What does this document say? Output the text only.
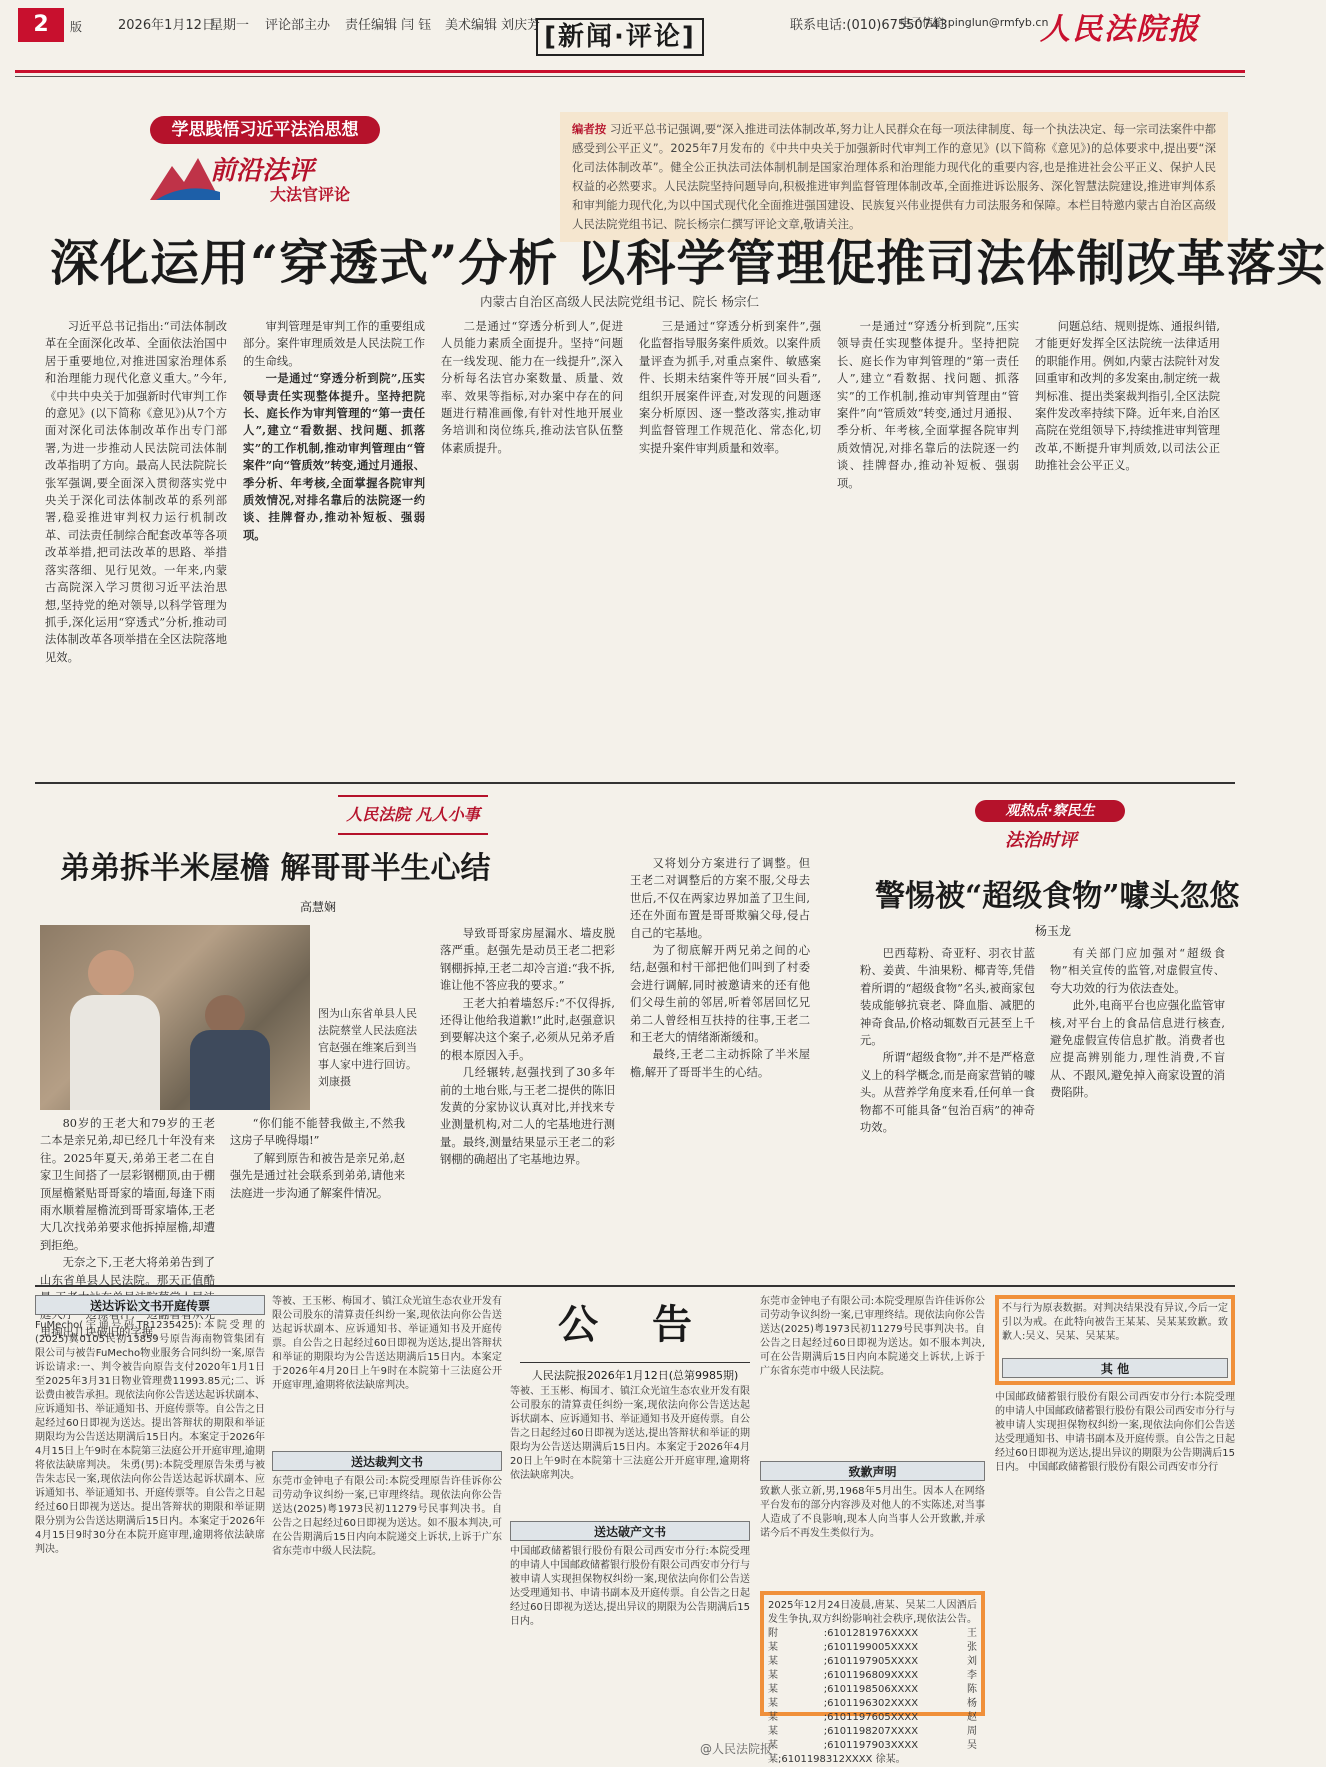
2	版	2026年1月12日
星期一 评论部主办 责任编辑 闫 钰 美术编辑 刘庆芳 [新闻·评论]	联系电话:(010)67550743
电子信箱:pinglun@rmfyb.cn
人民法院报
学思践悟习近平法治思想
前沿法评
大法官评论
编者按 习近平总书记强调,要“深入推进司法体制改革,努力让人民群众在每一项法律制度、每一个执法决定、每一宗司法案件中都感受到公平正义”。2025年7月发布的《中共中央关于加强新时代审判工作的意见》(以下简称《意见》)的总体要求中,提出要“深化司法体制改革”。健全公正执法司法体制机制是国家治理体系和治理能力现代化的重要内容,也是推进社会公平正义、保护人民权益的必然要求。人民法院坚持问题导向,积极推进审判监督管理体制改革,全面推进诉讼服务、深化智慧法院建设,推进审判体系和审判能力现代化,为以中国式现代化全面推进强国建设、民族复兴伟业提供有力司法服务和保障。本栏目特邀内蒙古自治区高级人民法院党组书记、院长杨宗仁撰写评论文章,敬请关注。
深化运用“穿透式”分析 以科学管理促推司法体制改革落实
内蒙古自治区高级人民法院党组书记、院长 杨宗仁

习近平总书记指出:“司法体制改革在全面深化改革、全面依法治国中居于重要地位,对推进国家治理体系和治理能力现代化意义重大。”今年,《中共中央关于加强新时代审判工作的意见》(以下简称《意见》)从7个方面对深化司法体制改革作出专门部署,为进一步推动人民法院司法体制改革指明了方向。最高人民法院院长张军强调,要全面深入贯彻落实党中央关于深化司法体制改革的系列部署,稳妥推进审判权力运行机制改革、司法责任制综合配套改革等各项改革举措,把司法改革的思路、举措落实落细、见行见效。一年来,内蒙古高院深入学习贯彻习近平法治思想,坚持党的绝对领导,以科学管理为抓手,深化运用“穿透式”分析,推动司法体制改革各项举措在全区法院落地见效。

审判管理是审判工作的重要组成部分。案件审理质效是人民法院工作的生命线。

一是通过“穿透分析到院”,压实领导责任实现整体提升。坚持把院长、庭长作为审判管理的“第一责任人”,建立“看数据、找问题、抓落实”的工作机制,推动审判管理由“管案件”向“管质效”转变,通过月通报、季分析、年考核,全面掌握各院审判质效情况,对排名靠后的法院逐一约谈、挂牌督办,推动补短板、强弱项。

二是通过“穿透分析到人”,促进人员能力素质全面提升。坚持“问题在一线发现、能力在一线提升”,深入分析每名法官办案数量、质量、效率、效果等指标,对办案中存在的问题进行精准画像,有针对性地开展业务培训和岗位练兵,推动法官队伍整体素质提升。

三是通过“穿透分析到案件”,强化监督指导服务案件质效。以案件质量评查为抓手,对重点案件、敏感案件、长期未结案件等开展“回头看”,组织开展案件评查,对发现的问题逐案分析原因、逐一整改落实,推动审判监督管理工作规范化、常态化,切实提升案件审判质量和效率。

一是通过“穿透分析到院”,压实领导责任实现整体提升。坚持把院长、庭长作为审判管理的“第一责任人”,建立“看数据、找问题、抓落实”的工作机制,推动审判管理由“管案件”向“管质效”转变,通过月通报、季分析、年考核,全面掌握各院审判质效情况,对排名靠后的法院逐一约谈、挂牌督办,推动补短板、强弱项。

问题总结、规则提炼、通报纠错,才能更好发挥全区法院统一法律适用的职能作用。例如,内蒙古法院针对发回重审和改判的多发案由,制定统一裁判标准、提出类案裁判指引,全区法院案件发改率持续下降。近年来,自治区高院在党组领导下,持续推进审判管理改革,不断提升审判质效,以司法公正助推社会公平正义。

人民法院 凡人小事
弟弟拆半米屋檐 解哥哥半生心结
高慧娴
图为山东省单县人民法院蔡堂人民法庭法官赵强在维案后到当事人家中进行回访。 刘康摄

80岁的王老大和79岁的王老二本是亲兄弟,却已经几十年没有来往。2025年夏天,弟弟王老二在自家卫生间搭了一层彩钢棚顶,由于棚顶屋檐紧贴哥哥家的墙面,每逢下雨雨水顺着屋檐流到哥哥家墙体,王老大几次找弟弟要求他拆掉屋檐,却遭到拒绝。

无奈之下,王老大将弟弟告到了山东省单县人民法院。那天正值酷 里掏出几块破旧的字据。

“你们能不能替我做主,不然我这房子早晚得塌!”

了解到原告和被告是亲兄弟,赵强先是通过社会联系到弟弟,请他来法庭进一步沟通了解案件情况。

导致哥哥家房屋漏水、墙皮脱落严重。赵强先是动员王老二把彩钢棚拆掉,王老二却冷言道:“我不拆,谁让他不答应我的要求。”

王老大拍着墙怒斥:“不仅得拆,还得让他给我道歉!”此时,赵强意识到要解决这个案子,必须从兄弟矛盾的根本原因入手。

几经辗转,赵强找到了30多年前的土地台账,与王老二提供的陈旧发黄的分家协议认真对比,并找来专业测量机构,对二人的宅基地进行测量。最终,测量结果显示王老二的彩钢棚的确超出了宅基地边界。

又将划分方案进行了调整。但王老二对调整后的方案不服,父母去世后,不仅在两家边界加盖了卫生间,还在外面布置是哥哥欺骗父母,侵占自己的宅基地。

为了彻底解开两兄弟之间的心结,赵强和村干部把他们叫到了村委会进行调解,同时被邀请来的还有他们父母生前的邻居,听着邻居回忆兄弟二人曾经相互扶持的往事,王老二和王老大的情绪渐渐缓和。

最终,王老二主动拆除了半米屋檐,解开了哥哥半生的心结。

观热点·察民生
法治时评
警惕被“超级食物”噱头忽悠
杨玉龙

巴西莓粉、奇亚籽、羽衣甘蓝粉、姜黄、牛油果粉、椰青等,凭借着所谓的“超级食物”名头,被商家包装成能够抗衰老、降血脂、减肥的神奇食品,价格动辄数百元甚至上千元。

所谓“超级食物”,并不是严格意义上的科学概念,而是商家营销的噱头。从营养学角度来看,任何单一食物都不可能具备“包治百病”的神奇功效。

有关部门应加强对“超级食物”相关宣传的监管,对虚假宣传、夸大功效的行为依法查处。

此外,电商平台也应强化监管审核,对平台上的食品信息进行核查,避免虚假宣传信息扩散。消费者也应提高辨别能力,理性消费,不盲从、不跟风,避免掉入商家设置的消费陷阱。

送达诉讼文书开庭传票
FuMecho(宇通号码TR1235425):本院受理的(2025)冀0105民初13859号原告海南物管集团有限公司与被告FuMecho物业服务合同纠纷一案,原告诉讼请求:一、判令被告向原告支付2020年1月1日至2025年3月31日物业管理费11993.85元;二、诉讼费由被告承担。现依法向你公告送达起诉状副本、应诉通知书、举证通知书、开庭传票等。自公告之日起经过60日即视为送达。提出答辩状的期限和举证期限均为公告送达期满后15日内。本案定于2026年4月15日上午9时在本院第三法庭公开开庭审理,逾期将依法缺席判决。 朱勇(男):本院受理原告朱勇与被告朱志民一案,现依法向你公告送达起诉状副本、应诉通知书、举证通知书、开庭传票等。自公告之日起经过60日即视为送达。提出答辩状的期限和举证期限分别为公告送达期满后15日内。本案定于2026年4月15日9时30分在本院开庭审理,逾期将依法缺席判决。
等被、王玉彬、梅国才、镇江众光谊生态农业开发有限公司股东的清算责任纠纷一案,现依法向你公告送达起诉状副本、应诉通知书、举证通知书及开庭传票。自公告之日起经过60日即视为送达,提出答辩状和举证的期限均为公告送达期满后15日内。本案定于2026年4月20日上午9时在本院第十三法庭公开开庭审理,逾期将依法缺席判决。
送达裁判文书
东莞市金钟电子有限公司:本院受理原告许佳诉你公司劳动争议纠纷一案,已审理终结。现依法向你公告送达(2025)粤1973民初11279号民事判决书。自公告之日起经过60日即视为送达。如不服本判决,可在公告期满后15日内向本院递交上诉状,上诉于广东省东莞市中级人民法院。
公 告
人民法院报2026年1月12日(总第9985期)
等被、王玉彬、梅国才、镇江众光谊生态农业开发有限公司股东的清算责任纠纷一案,现依法向你公告送达起诉状副本、应诉通知书、举证通知书及开庭传票。自公告之日起经过60日即视为送达,提出答辩状和举证的期限均为公告送达期满后15日内。本案定于2026年4月20日上午9时在本院第十三法庭公开开庭审理,逾期将依法缺席判决。
送达破产文书
中国邮政储蓄银行股份有限公司西安市分行:本院受理的申请人中国邮政储蓄银行股份有限公司西安市分行与被申请人实现担保物权纠纷一案,现依法向你们公告送达受理通知书、申请书副本及开庭传票。自公告之日起经过60日即视为送达,提出异议的期限为公告期满后15日内。
东莞市金钟电子有限公司:本院受理原告许佳诉你公司劳动争议纠纷一案,已审理终结。现依法向你公告送达(2025)粤1973民初11279号民事判决书。自公告之日起经过60日即视为送达。如不服本判决,可在公告期满后15日内向本院递交上诉状,上诉于广东省东莞市中级人民法院。
致歉声明
致歉人张立新,男,1968年5月出生。因本人在网络平台发布的部分内容涉及对他人的不实陈述,对当事人造成了不良影响,现本人向当事人公开致歉,并承诺今后不再发生类似行为。
2025年12月24日凌晨,唐某、吴某二人因酒后发生争执,双方纠纷影响社会秩序,现依法公告。附:6101281976XXXX 王某;6101199005XXXX 张某;6101197905XXXX 刘某;6101196809XXXX 李某;6101198506XXXX 陈某;6101196302XXXX 杨某;6101197605XXXX 赵某;6101198207XXXX 周某;6101197903XXXX 吴某;6101198312XXXX 徐某。
不与行为原表数据。对判决结果没有异议,今后一定引以为戒。在此特向被告王某某、吴某某致歉。致歉人:吴义、吴某、吴某某。
其 他
中国邮政储蓄银行股份有限公司西安市分行:本院受理的申请人中国邮政储蓄银行股份有限公司西安市分行与被申请人实现担保物权纠纷一案,现依法向你们公告送达受理通知书、申请书副本及开庭传票。自公告之日起经过60日即视为送达,提出异议的期限为公告期满后15日内。 中国邮政储蓄银行股份有限公司西安市分行
@人民法院报
